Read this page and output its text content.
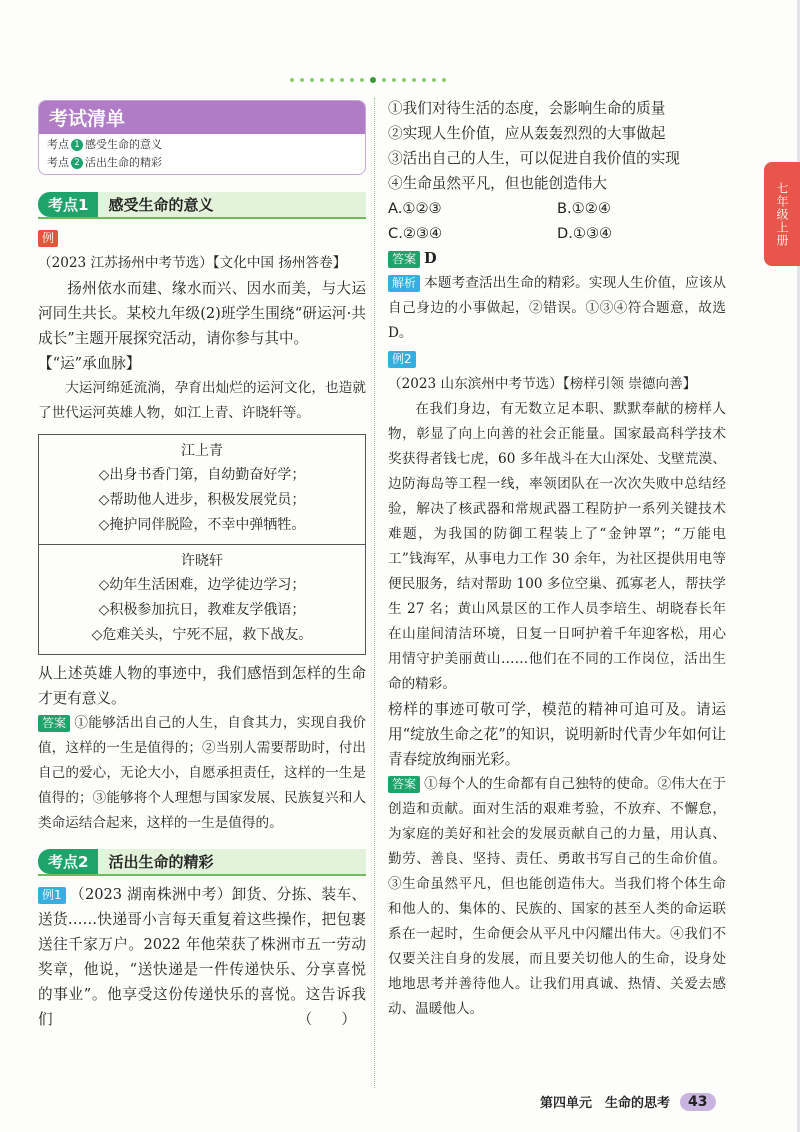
七年级上册
考试清单
考点 1 感受生命的意义
考点 2 活出生命的精彩
考点1	感受生命的意义

例（2023 江苏扬州中考节选）【文化中国 扬州答卷】

扬州依水而建、缘水而兴、因水而美，与大运河同生共长。某校九年级(2)班学生围绕“研运河·共成长”主题开展探究活动，请你参与其中。

【“运”承血脉】

大运河绵延流淌，孕育出灿烂的运河文化，也造就了世代运河英雄人物，如江上青、许晓轩等。

江上青
◇出身书香门第，自幼勤奋好学；
◇帮助他人进步，积极发展党员；
◇掩护同伴脱险，不幸中弹牺牲。
许晓轩
◇幼年生活困难，边学徒边学习；
◇积极参加抗日，教难友学俄语；
◇危难关头，宁死不屈，救下战友。

从上述英雄人物的事迹中，我们感悟到怎样的生命才更有意义。

答案 ①能够活出自己的人生，自食其力，实现自我价值，这样的一生是值得的；②当别人需要帮助时，付出自己的爱心，无论大小，自愿承担责任，这样的一生是值得的；③能够将个人理想与国家发展、民族复兴和人类命运结合起来，这样的一生是值得的。

考点2	活出生命的精彩

例1 （2023 湖南株洲中考）卸货、分拣、装车、送货……快递哥小言每天重复着这些操作，把包裹送往千家万户。2022 年他荣获了株洲市五一劳动奖章，他说，“送快递是一件传递快乐、分享喜悦的事业”。他享受这份传递快乐的喜悦。这告诉我们	（　　）

①我们对待生活的态度，会影响生命的质量

②实现人生价值，应从轰轰烈烈的大事做起

③活出自己的人生，可以促进自我价值的实现

④生命虽然平凡，但也能创造伟大

A.①②③	B.①②④
C.②③④	D.①③④

答案 D

解析 本题考查活出生命的精彩。实现人生价值，应该从自己身边的小事做起，②错误。①③④符合题意，故选 D。

例2（2023 山东滨州中考节选）【榜样引领 崇德向善】

在我们身边，有无数立足本职、默默奉献的榜样人物，彰显了向上向善的社会正能量。国家最高科学技术奖获得者钱七虎，60 多年战斗在大山深处、戈壁荒漠、边防海岛等工程一线，率领团队在一次次失败中总结经验，解决了核武器和常规武器工程防护一系列关键技术难题，为我国的防御工程装上了“金钟罩”；“万能电工”钱海军，从事电力工作 30 余年，为社区提供用电等便民服务，结对帮助 100 多位空巢、孤寡老人，帮扶学生 27 名；黄山风景区的工作人员李培生、胡晓春长年在山崖间清洁环境，日复一日呵护着千年迎客松，用心用情守护美丽黄山……他们在不同的工作岗位，活出生命的精彩。

榜样的事迹可敬可学，模范的精神可追可及。请运用“绽放生命之花”的知识，说明新时代青少年如何让青春绽放绚丽光彩。

答案 ①每个人的生命都有自己独特的使命。②伟大在于创造和贡献。面对生活的艰难考验，不放弃、不懈怠，为家庭的美好和社会的发展贡献自己的力量，用认真、勤劳、善良、坚持、责任、勇敢书写自己的生命价值。③生命虽然平凡，但也能创造伟大。当我们将个体生命和他人的、集体的、民族的、国家的甚至人类的命运联系在一起时，生命便会从平凡中闪耀出伟大。④我们不仅要关注自身的发展，而且要关切他人的生命，设身处地地思考并善待他人。让我们用真诚、热情、关爱去感动、温暖他人。

第四单元　生命的思考	43
